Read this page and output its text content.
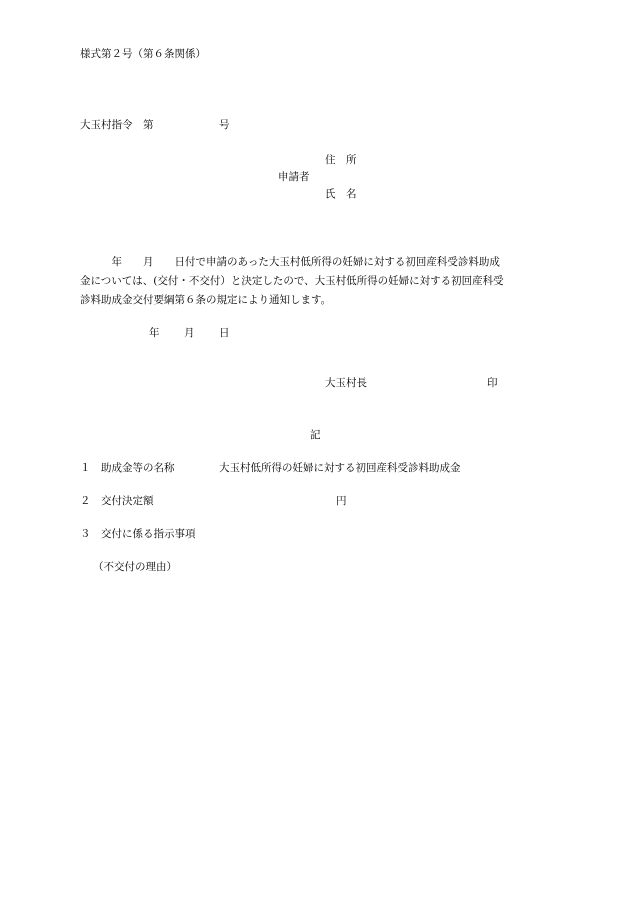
様式第２号（第６条関係）

大玉村指令　第	号

住　所

申請者

氏　名

　　　年　　月　　日付で申請のあった大玉村低所得の妊婦に対する初回産科受診料助成
金については、(交付・不交付）と決定したので、大玉村低所得の妊婦に対する初回産科受
診料助成金交付要綱第６条の規定により通知します。

年 月 日

大玉村長	印

記

１　助成金等の名称	大玉村低所得の妊婦に対する初回産科受診料助成金

２　交付決定額	円

３　交付に係る指示事項

（不交付の理由）
